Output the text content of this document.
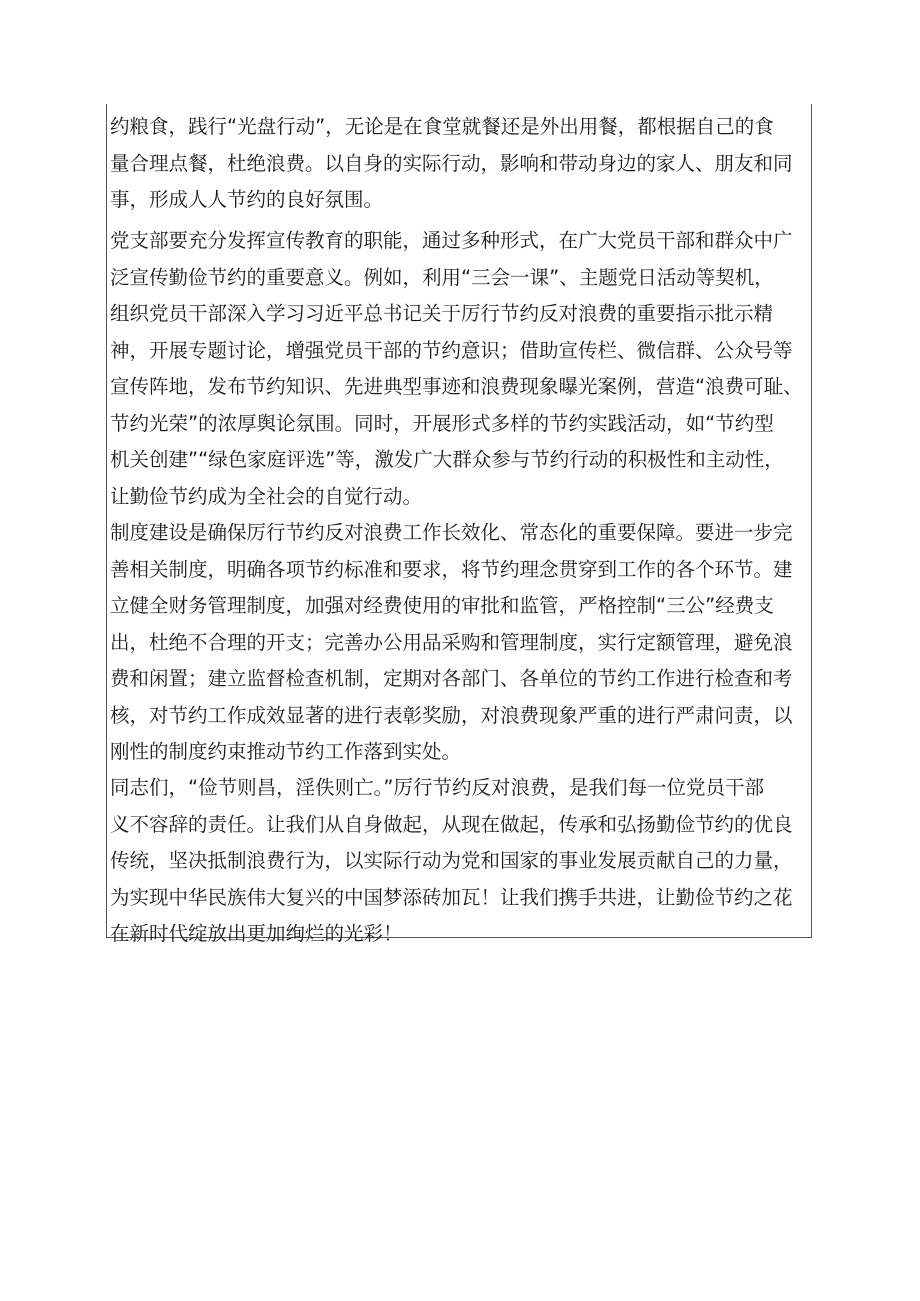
约粮食，践行“光盘行动”，无论是在食堂就餐还是外出用餐，都根据自己的食
量合理点餐，杜绝浪费。以自身的实际行动，影响和带动身边的家人、朋友和同
事，形成人人节约的良好氛围。
党支部要充分发挥宣传教育的职能，通过多种形式，在广大党员干部和群众中广
泛宣传勤俭节约的重要意义。例如，利用“三会一课”、主题党日活动等契机，
组织党员干部深入学习习近平总书记关于厉行节约反对浪费的重要指示批示精
神，开展专题讨论，增强党员干部的节约意识；借助宣传栏、微信群、公众号等
宣传阵地，发布节约知识、先进典型事迹和浪费现象曝光案例，营造“浪费可耻、
节约光荣”的浓厚舆论氛围。同时，开展形式多样的节约实践活动，如“节约型
机关创建”“绿色家庭评选”等，激发广大群众参与节约行动的积极性和主动性，
让勤俭节约成为全社会的自觉行动。
制度建设是确保厉行节约反对浪费工作长效化、常态化的重要保障。要进一步完
善相关制度，明确各项节约标准和要求，将节约理念贯穿到工作的各个环节。建
立健全财务管理制度，加强对经费使用的审批和监管，严格控制“三公”经费支
出，杜绝不合理的开支；完善办公用品采购和管理制度，实行定额管理，避免浪
费和闲置；建立监督检查机制，定期对各部门、各单位的节约工作进行检查和考
核，对节约工作成效显著的进行表彰奖励，对浪费现象严重的进行严肃问责，以
刚性的制度约束推动节约工作落到实处。
同志们，“俭节则昌，淫佚则亡。”厉行节约反对浪费，是我们每一位党员干部
义不容辞的责任。让我们从自身做起，从现在做起，传承和弘扬勤俭节约的优良
传统，坚决抵制浪费行为，以实际行动为党和国家的事业发展贡献自己的力量，
为实现中华民族伟大复兴的中国梦添砖加瓦！让我们携手共进，让勤俭节约之花
在新时代绽放出更加绚烂的光彩！
